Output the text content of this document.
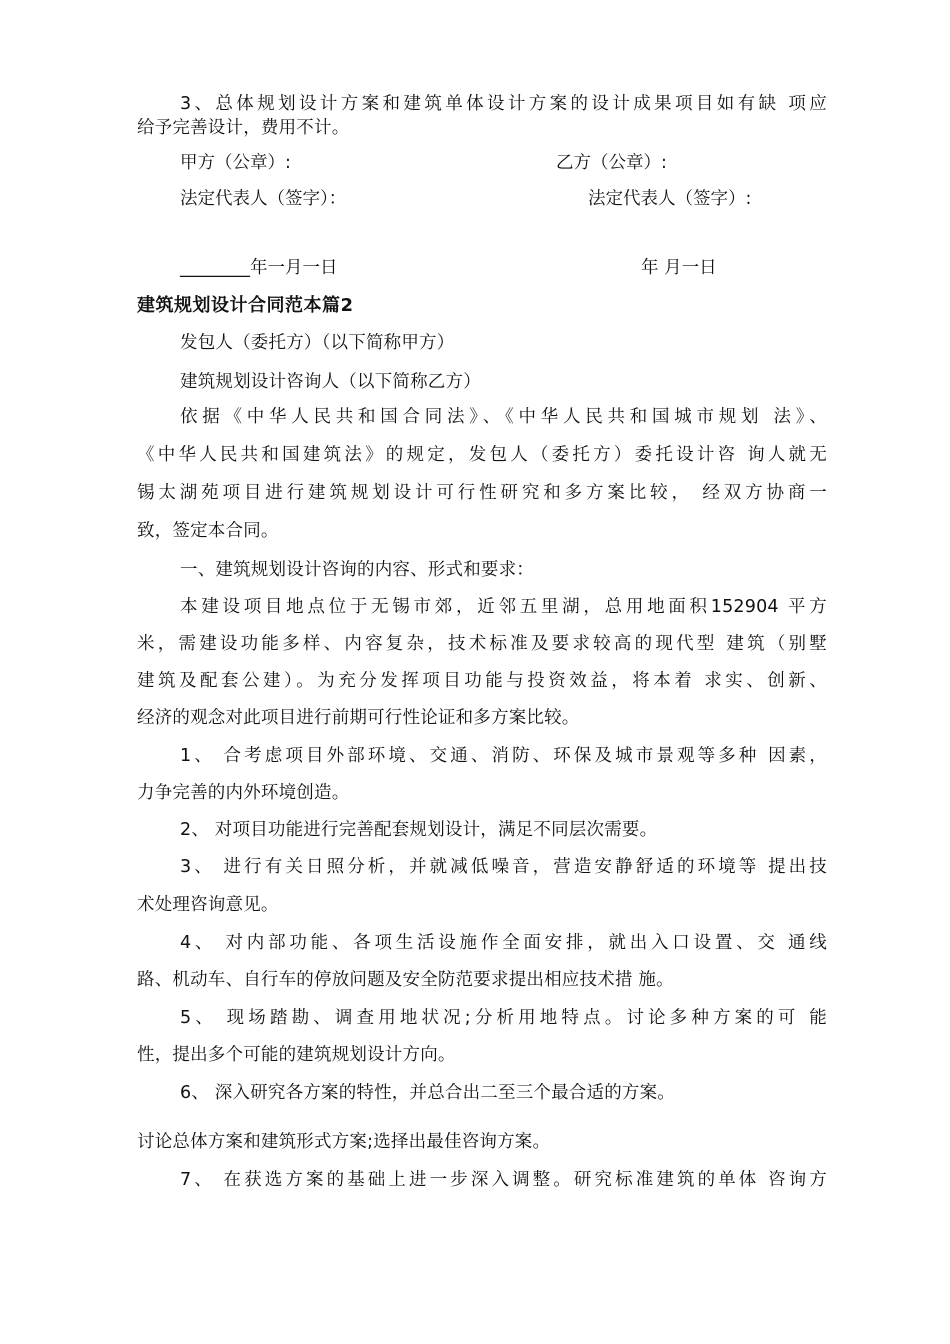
3、总体规划设计方案和建筑单体设计方案的设计成果项目如有缺 项应
给予完善设计，费用不计。
甲方（公章）:	乙方（公章）:
法定代表人（签字）：	法定代表人（签字）:
________年一月一日	年 月一日
建筑规划设计合同范本篇2
发包人（委托方）（以下简称甲方）
建筑规划设计咨询人（以下简称乙方）
依据《中华人民共和国合同法》、《中华人民共和国城市规划 法》、
《中华人民共和国建筑法》的规定，发包人（委托方）委托设计咨 询人就无
锡太湖苑项目进行建筑规划设计可行性研究和多方案比较， 经双方协商一
致，签定本合同。
一、建筑规划设计咨询的内容、形式和要求：
本建设项目地点位于无锡市郊，近邻五里湖，总用地面积152904 平方
米，需建设功能多样、内容复杂，技术标准及要求较高的现代型 建筑（别墅
建筑及配套公建）。为充分发挥项目功能与投资效益，将本着 求实、创新、
经济的观念对此项目进行前期可行性论证和多方案比较。
1、 合考虑项目外部环境、交通、消防、环保及城市景观等多种 因素，
力争完善的内外环境创造。
2、 对项目功能进行完善配套规划设计，满足不同层次需要。
3、 进行有关日照分析，并就减低噪音，营造安静舒适的环境等 提出技
术处理咨询意见。
4、 对内部功能、各项生活设施作全面安排，就出入口设置、交 通线
路、机动车、自行车的停放问题及安全防范要求提出相应技术措 施。
5、 现场踏勘、调查用地状况;分析用地特点。讨论多种方案的可 能
性，提出多个可能的建筑规划设计方向。
6、 深入研究各方案的特性，并总合出二至三个最合适的方案。
讨论总体方案和建筑形式方案;选择出最佳咨询方案。
7、 在获选方案的基础上进一步深入调整。研究标准建筑的单体 咨询方
